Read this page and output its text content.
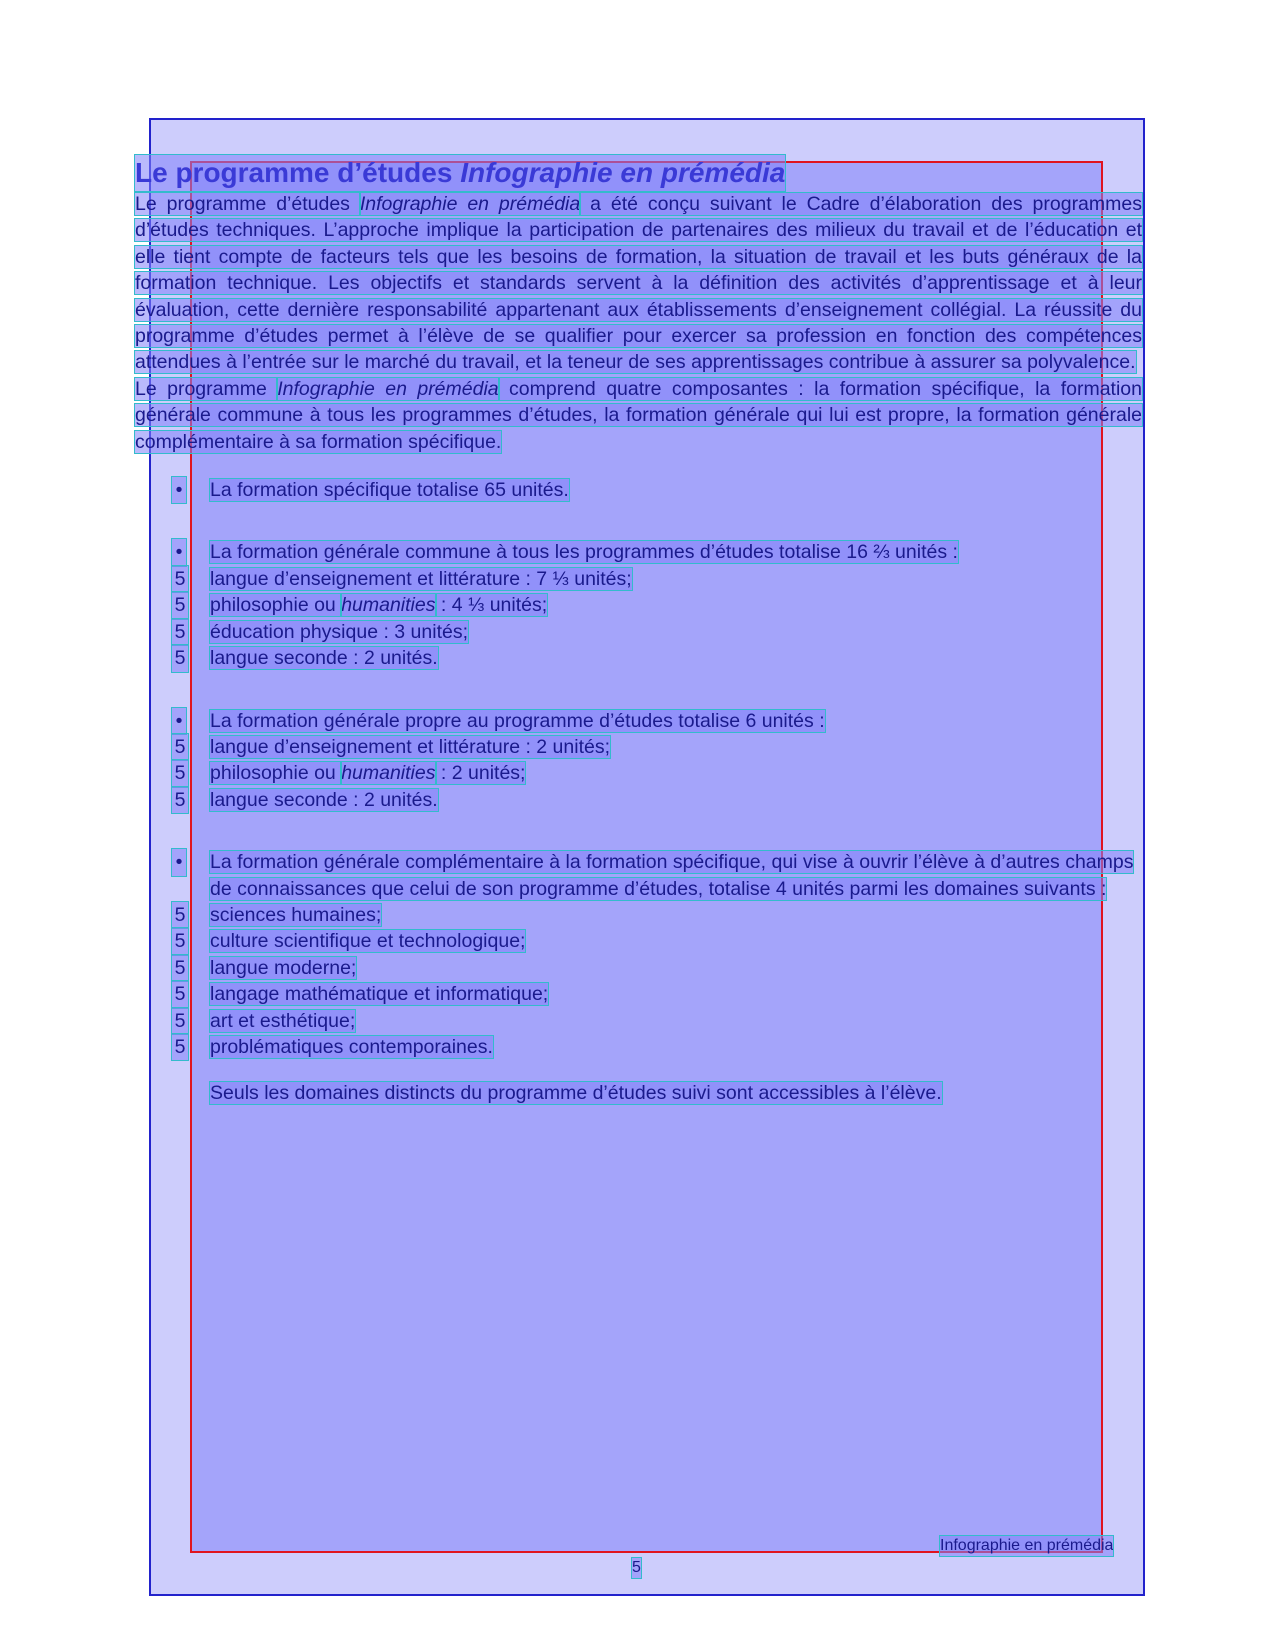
Le programme d’études Infographie en prémédia

Le programme d’études Infographie en prémédia a été conçu suivant le Cadre d’élaboration des programmes d’études techniques. L’approche implique la participation de partenaires des milieux du travail et de l’éducation et elle tient compte de facteurs tels que les besoins de formation, la situation de travail et les buts généraux de la formation technique. Les objectifs et standards servent à la définition des activités d’apprentissage et à leur évaluation, cette dernière responsabilité appartenant aux établissements d’enseignement collégial. La réussite du programme d’études permet à l’élève de se qualifier pour exercer sa profession en fonction des compétences attendues à l’entrée sur le marché du travail, et la teneur de ses apprentissages contribue à assurer sa polyvalence.

Le programme Infographie en prémédia comprend quatre composantes : la formation spécifique, la formation générale commune à tous les programmes d’études, la formation générale qui lui est propre, la formation générale complémentaire à sa formation spécifique.

• La formation spécifique totalise 65 unités.
• La formation générale commune à tous les programmes d’études totalise 16 ⅔ unités :
5 langue d’enseignement et littérature : 7 ⅓ unités;
5 philosophie ou humanities : 4 ⅓ unités;
5 éducation physique : 3 unités;
5 langue seconde : 2 unités.
• La formation générale propre au programme d’études totalise 6 unités :
5 langue d’enseignement et littérature : 2 unités;
5 philosophie ou humanities : 2 unités;
5 langue seconde : 2 unités.
• La formation générale complémentaire à la formation spécifique, qui vise à ouvrir l’élève à d’autres champs de connaissances que celui de son programme d’études, totalise 4 unités parmi les domaines suivants :
5 sciences humaines;
5 culture scientifique et technologique;
5 langue moderne;
5 langage mathématique et informatique;
5 art et esthétique;
5 problématiques contemporaines.
Seuls les domaines distincts du programme d’études suivi sont accessibles à l’élève.
Infographie en prémédia
5
